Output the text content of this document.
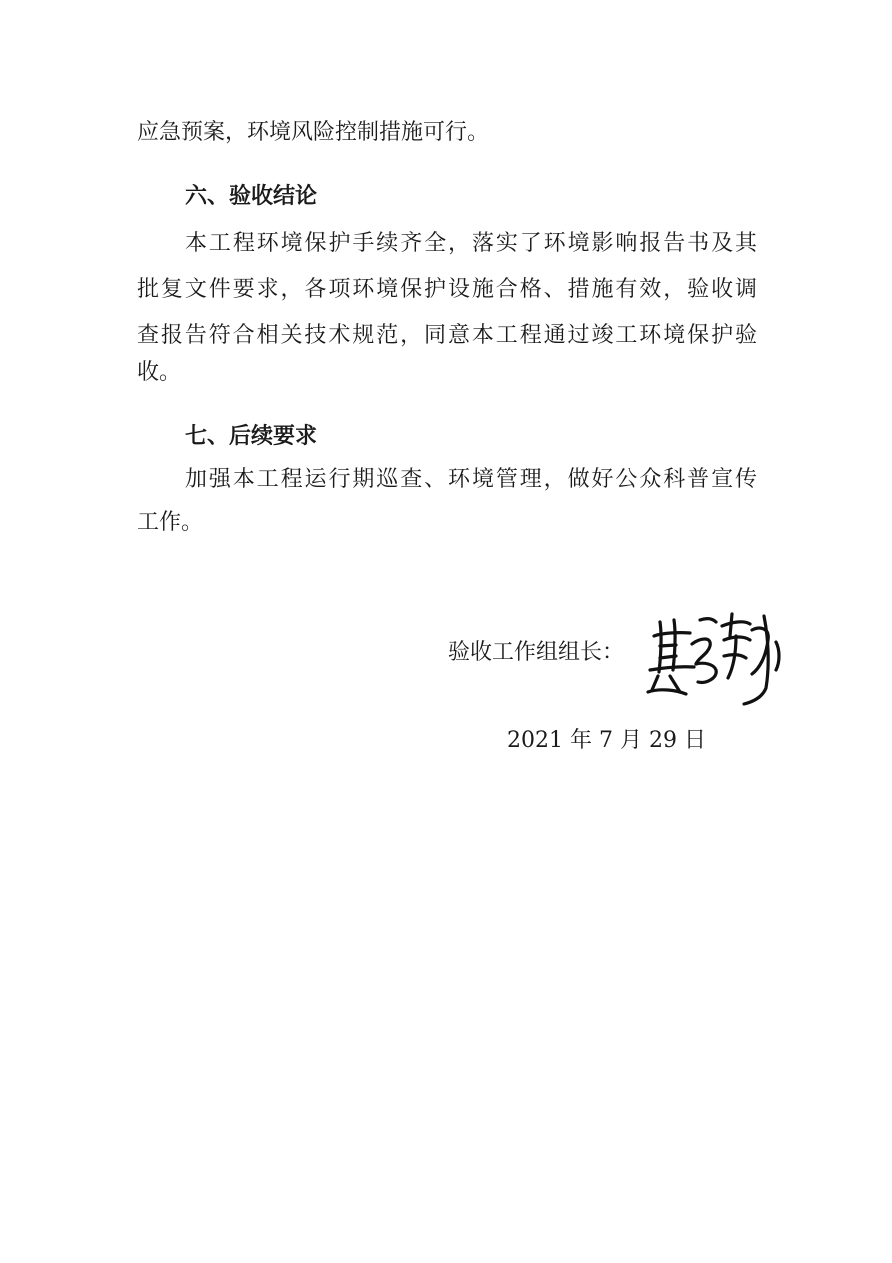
应急预案，环境风险控制措施可行。
六、验收结论
本工程环境保护手续齐全，落实了环境影响报告书及其
批复文件要求，各项环境保护设施合格、措施有效，验收调
查报告符合相关技术规范，同意本工程通过竣工环境保护验
收。
七、后续要求
加强本工程运行期巡查、环境管理，做好公众科普宣传
工作。
验收工作组组长：
2021 年 7 月 29 日
